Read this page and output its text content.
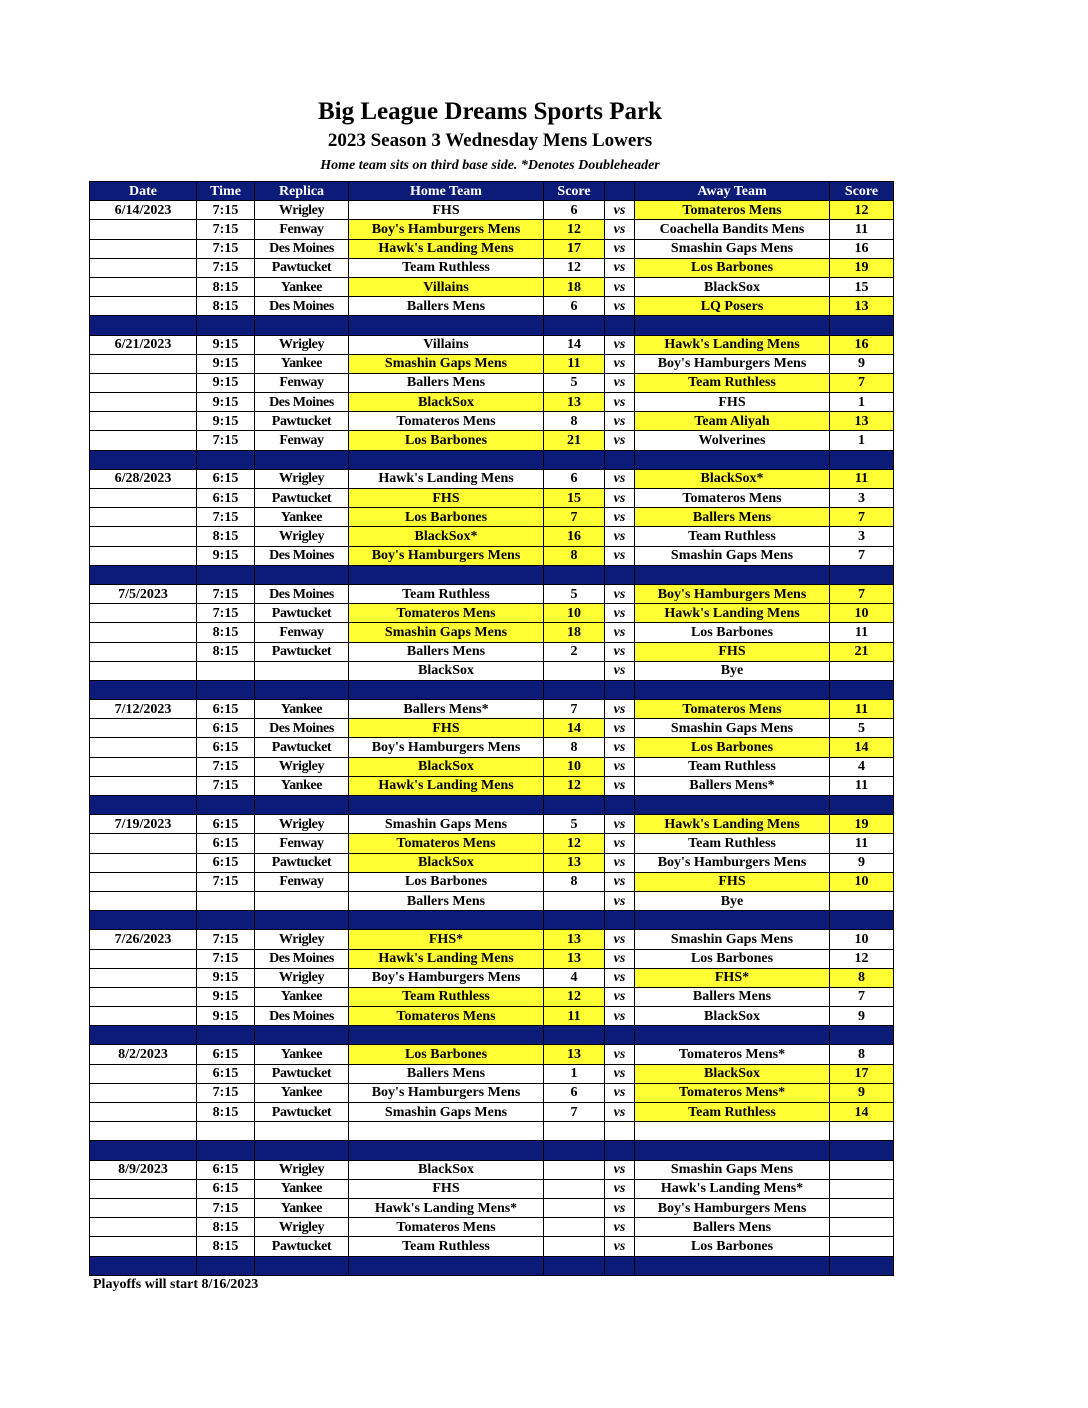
Big League Dreams Sports Park
2023 Season 3 Wednesday Mens Lowers
Home team sits on third base side. *Denotes Doubleheader
Date	Time	Replica	Home Team	Score		Away Team	Score
6/14/2023	7:15	Wrigley	FHS	6	vs	Tomateros Mens	12
	7:15	Fenway	Boy's Hamburgers Mens	12	vs	Coachella Bandits Mens	11
	7:15	Des Moines	Hawk's Landing Mens	17	vs	Smashin Gaps Mens	16
	7:15	Pawtucket	Team Ruthless	12	vs	Los Barbones	19
	8:15	Yankee	Villains	18	vs	BlackSox	15
	8:15	Des Moines	Ballers Mens	6	vs	LQ Posers	13

6/21/2023	9:15	Wrigley	Villains	14	vs	Hawk's Landing Mens	16
	9:15	Yankee	Smashin Gaps Mens	11	vs	Boy's Hamburgers Mens	9
	9:15	Fenway	Ballers Mens	5	vs	Team Ruthless	7
	9:15	Des Moines	BlackSox	13	vs	FHS	1
	9:15	Pawtucket	Tomateros Mens	8	vs	Team Aliyah	13
	7:15	Fenway	Los Barbones	21	vs	Wolverines	1

6/28/2023	6:15	Wrigley	Hawk's Landing Mens	6	vs	BlackSox*	11
	6:15	Pawtucket	FHS	15	vs	Tomateros Mens	3
	7:15	Yankee	Los Barbones	7	vs	Ballers Mens	7
	8:15	Wrigley	BlackSox*	16	vs	Team Ruthless	3
	9:15	Des Moines	Boy's Hamburgers Mens	8	vs	Smashin Gaps Mens	7

7/5/2023	7:15	Des Moines	Team Ruthless	5	vs	Boy's Hamburgers Mens	7
	7:15	Pawtucket	Tomateros Mens	10	vs	Hawk's Landing Mens	10
	8:15	Fenway	Smashin Gaps Mens	18	vs	Los Barbones	11
	8:15	Pawtucket	Ballers Mens	2	vs	FHS	21
			BlackSox		vs	Bye	

7/12/2023	6:15	Yankee	Ballers Mens*	7	vs	Tomateros Mens	11
	6:15	Des Moines	FHS	14	vs	Smashin Gaps Mens	5
	6:15	Pawtucket	Boy's Hamburgers Mens	8	vs	Los Barbones	14
	7:15	Wrigley	BlackSox	10	vs	Team Ruthless	4
	7:15	Yankee	Hawk's Landing Mens	12	vs	Ballers Mens*	11

7/19/2023	6:15	Wrigley	Smashin Gaps Mens	5	vs	Hawk's Landing Mens	19
	6:15	Fenway	Tomateros Mens	12	vs	Team Ruthless	11
	6:15	Pawtucket	BlackSox	13	vs	Boy's Hamburgers Mens	9
	7:15	Fenway	Los Barbones	8	vs	FHS	10
			Ballers Mens		vs	Bye	

7/26/2023	7:15	Wrigley	FHS*	13	vs	Smashin Gaps Mens	10
	7:15	Des Moines	Hawk's Landing Mens	13	vs	Los Barbones	12
	9:15	Wrigley	Boy's Hamburgers Mens	4	vs	FHS*	8
	9:15	Yankee	Team Ruthless	12	vs	Ballers Mens	7
	9:15	Des Moines	Tomateros Mens	11	vs	BlackSox	9

8/2/2023	6:15	Yankee	Los Barbones	13	vs	Tomateros Mens*	8
	6:15	Pawtucket	Ballers Mens	1	vs	BlackSox	17
	7:15	Yankee	Boy's Hamburgers Mens	6	vs	Tomateros Mens*	9
	8:15	Pawtucket	Smashin Gaps Mens	7	vs	Team Ruthless	14

8/9/2023	6:15	Wrigley	BlackSox		vs	Smashin Gaps Mens	
	6:15	Yankee	FHS		vs	Hawk's Landing Mens*	
	7:15	Yankee	Hawk's Landing Mens*		vs	Boy's Hamburgers Mens	
	8:15	Wrigley	Tomateros Mens		vs	Ballers Mens	
	8:15	Pawtucket	Team Ruthless		vs	Los Barbones	

Playoffs will start 8/16/2023
